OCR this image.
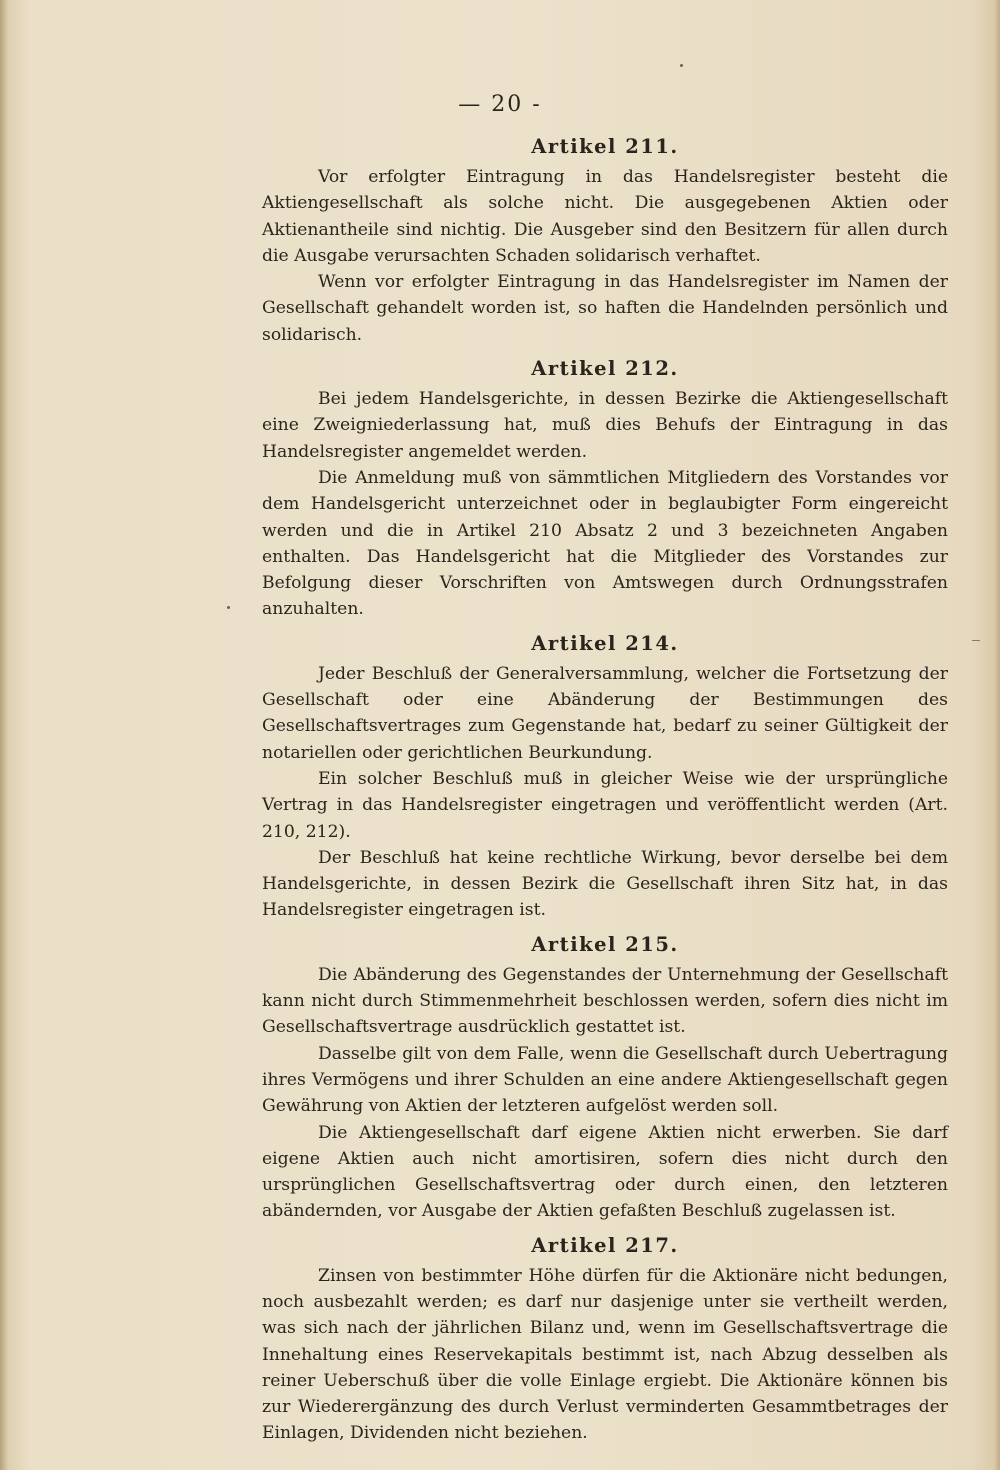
— 20 -
Artikel 211.

Vor erfolgter Eintragung in das Handelsregister besteht die Aktiengesellschaft als solche nicht. Die ausgegebenen Aktien oder Aktienantheile sind nichtig. Die Ausgeber sind den Besitzern für allen durch die Ausgabe verursachten Schaden solidarisch verhaftet.

Wenn vor erfolgter Eintragung in das Handelsregister im Namen der Gesellschaft gehandelt worden ist, so haften die Handelnden persönlich und solidarisch.

Artikel 212.

Bei jedem Handelsgerichte, in dessen Bezirke die Aktiengesellschaft eine Zweigniederlassung hat, muß dies Behufs der Eintragung in das Handelsregister angemeldet werden.

Die Anmeldung muß von sämmtlichen Mitgliedern des Vorstandes vor dem Handelsgericht unterzeichnet oder in beglaubigter Form eingereicht werden und die in Artikel 210 Absatz 2 und 3 bezeichneten Angaben enthalten. Das Handelsgericht hat die Mitglieder des Vorstandes zur Befolgung dieser Vorschriften von Amtswegen durch Ordnungsstrafen anzuhalten.

Artikel 214.

Jeder Beschluß der Generalversammlung, welcher die Fortsetzung der Gesellschaft oder eine Abänderung der Bestimmungen des Gesellschaftsvertrages zum Gegenstande hat, bedarf zu seiner Gültigkeit der notariellen oder gerichtlichen Beurkundung.

Ein solcher Beschluß muß in gleicher Weise wie der ursprüngliche Vertrag in das Handelsregister eingetragen und veröffentlicht werden (Art. 210, 212).

Der Beschluß hat keine rechtliche Wirkung, bevor derselbe bei dem Handelsgerichte, in dessen Bezirk die Gesellschaft ihren Sitz hat, in das Handelsregister eingetragen ist.

Artikel 215.

Die Abänderung des Gegenstandes der Unternehmung der Gesellschaft kann nicht durch Stimmenmehrheit beschlossen werden, sofern dies nicht im Gesellschaftsvertrage ausdrücklich gestattet ist.

Dasselbe gilt von dem Falle, wenn die Gesellschaft durch Uebertragung ihres Vermögens und ihrer Schulden an eine andere Aktiengesellschaft gegen Gewährung von Aktien der letzteren aufgelöst werden soll.

Die Aktiengesellschaft darf eigene Aktien nicht erwerben. Sie darf eigene Aktien auch nicht amortisiren, sofern dies nicht durch den ursprünglichen Gesellschaftsvertrag oder durch einen, den letzteren abändernden, vor Ausgabe der Aktien gefaßten Beschluß zugelassen ist.

Artikel 217.

Zinsen von bestimmter Höhe dürfen für die Aktionäre nicht bedungen, noch ausbezahlt werden; es darf nur dasjenige unter sie vertheilt werden, was sich nach der jährlichen Bilanz und, wenn im Gesellschaftsvertrage die Innehaltung eines Reservekapitals bestimmt ist, nach Abzug desselben als reiner Ueberschuß über die volle Einlage ergiebt. Die Aktionäre können bis zur Wiederergänzung des durch Verlust verminderten Gesammtbetrages der Einlagen, Dividenden nicht beziehen.
